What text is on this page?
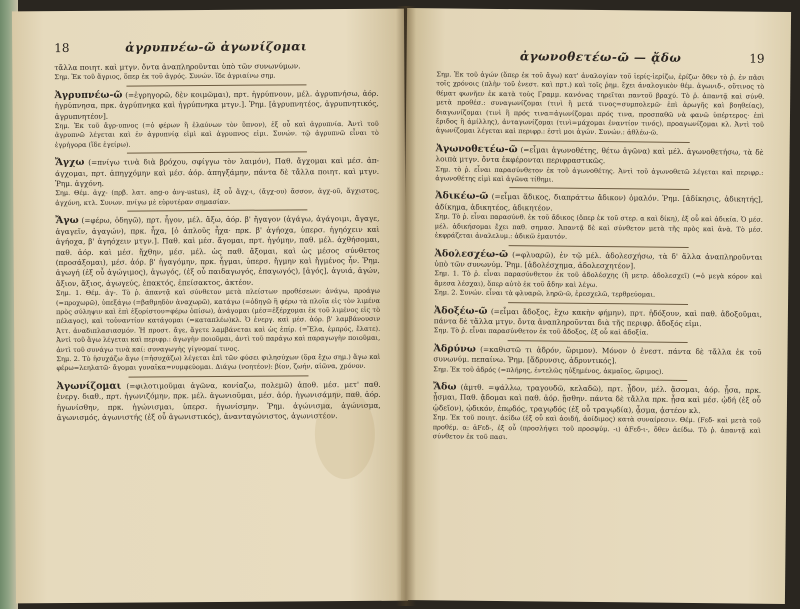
18	ἀγρυπνέω-ῶ ἀγωνίζομαι

τἄλλα ποιητ. καὶ μτγν. ὄντα ἀναπληροῦνται ὑπὸ τῶν συνωνύμων.

Σημ. Ἐκ τοῦ ἄγριος, ὅπερ ἐκ τοῦ ἀγρός. Συνών. ἴδε ἀγριαίνω σημ.

Ἀγρυπνέω-ῶ (=ἐγρηγορῶ, δὲν κοιμῶμαι), πρτ. ἠγρύπνουν, μέλ. ἀγρυπνήσω, ἀόρ. ἠγρύπνησα, πρκ. ἀγρύπνηκα καὶ ἠγρύπνηκα μτγν.]. Ῥημ. [ἀγρυπνητέος, ἀγρυπνητικός, ἀγρυπνητέον].

Σημ. Ἐκ τοῦ ἄγρ-υπνος (=ὁ φέρων ἢ ἐλαύνων τὸν ὕπνον), ἐξ οὗ καὶ ἀγρυπνία. Ἀντὶ τοῦ ἀγρυπνῶ λέγεται καὶ ἐν ἀγρυπνίᾳ εἰμὶ καὶ ἀγρυπνος εἰμι. Συνών. τῷ ἀγρυπνῶ εἶναι τὸ ἐγρήγορα (ἴδε ἐγείρω).

Ἄγχω (=πνίγω τινὰ διὰ βρόχου, σφίγγω τὸν λαιμόν), Παθ. ἄγχομαι καὶ μέσ. ἀπ-άγχομαι, πρτ. ἀπηγχόμην καὶ μέσ. ἀόρ. ἀπηγξάμην, πάντα δὲ τἄλλα ποιητ. καὶ μτγν. Ῥημ. ἀγχόνη.

Σημ. Θέμ. ἀγχ- (πρβ. λατ. ang-o ἀνγ-ustus), ἐξ οὗ ἄγχ-ι, (ἄγχ-ου) ἄσσον, ἀγχ-οῦ, ἄγχιστος, ἀγχόνη, κτλ. Συνων. πνίγω μὲ εὐρυτέραν σημασίαν.

Ἄγω (=φέρω, ὁδηγῶ), πρτ. ἦγον, μέλ. ἄξω, ἀόρ. β' ἤγαγον (ἀγάγω, ἀγάγοιμι, ἄγαγε, ἀγαγεῖν, ἀγαγών), πρκ. ἦχα, [ὁ ἀπλοῦς ἦχα· πρκ. β' ἀγήοχα, ὑπερσ. ἠγηόχειν καὶ ἀγήοχα, β' ἀγηόχειν μτγν.]. Παθ. καὶ μέσ. ἄγομαι, πρτ. ἠγόμην, παθ. μέλ. ἀχθήσομαι, παθ. ἀόρ. καὶ μέσ. ἤχθην, μέσ. μέλ. ὡς παθ. ἄξομαι, καὶ ὡς μέσος σύνθετος (προσάξομαι), μέσ. ἀόρ. β' ἠγαγόμην, πρκ. ἦγμαι, ὑπερσ. ἤγμην καὶ ἤγμένος ἦν. Ῥημ. ἀγωγή (ἐξ οὗ ἀγώγιμος), ἀγωγός, (ἐξ οὗ παιδαγωγός, ἐπαγωγός), [ἀγός], ἀγυιά, ἀγών, ἄξιον, ἄξιος, ἀγωγεύς, ἐπακτός, ἐπείσακτος, ἀκτέον.

Σημ. 1. Θέμ. ἀγ-. Τὸ ῥ. ἀπαντᾷ καὶ σύνθετον μετὰ πλείστων προθέσεων: ἀνάγω, προάγω (=προχωρῶ), ὑπεξάγω (=βαθμηδὸν ἀναχωρῶ), κατάγω (=ὁδηγῶ ἢ φέρω τὰ πλοῖα εἰς τὸν λιμένα πρὸς σύληψιν καὶ ἐπὶ ἐξορίστου=φέρω ὀπίσω), ἀνάγομαι (μέσ=ἐξέρχομαι ἐκ τοῦ λιμένος εἰς τὸ πέλαγος), καὶ τοὐναντίον κατάγομαι (=καταπλέω)κλ. Ὁ ἐνεργ. καὶ μέσ. ἀόρ. β' λαμβάνουσιν Ἀττ. ἀναδιπλασιασμόν. Ἡ προστ. ἄγε, ἄγετε λαμβάνεται καὶ ὡς ἐπίρ. (=Ἔλα, ἐμπρός, ἔλατε). Ἀντὶ τοῦ ἄγω λέγεται καὶ περιφρ.: ἀγωγὴν ποιοῦμαι, ἀντὶ τοῦ παράγω καὶ παραγωγὴν ποιοῦμαι, ἀντὶ τοῦ συνάγω τινὰ καί: συναγωγὴς γίγνομαί τινος.

Σημ. 2. Τὸ ἡσυχάζω ἄγω (=ἡσυχάζω) λέγεται ἐπὶ τῶν φύσει φιλησύχων (ὅρα ἔχω σημ.) ἄγω καὶ φέρω=λεηλατῶ· ἄγομαι γυναῖκα=νυμφεύομαι. Διάγω (νοητέον): βίον, ζωήν, αἰῶνα, χρόνον.

Ἀγωνίζομαι (=φιλοτιμοῦμαι ἀγῶνα, κονίαζω, πολεμῶ) ἀποθ. μέσ. μετ' παθ. ἐνεργ. διαθ., πρτ. ἠγωνιζόμην, πρκ. μέλ. ἀγωνιοῦμαι, μέσ. ἀόρ. ἠγωνισάμην, παθ. ἀόρ. ἠγωνίσθην, πρκ. ἠγώνισμαι, ὑπερσ. ἠγωνίσμην. Ῥημ. ἀγώνισμα, ἀγώνισμα, ἀγωνισμός, ἀγωνιστής (ἐξ οὗ ἀγωνιστικός), ἀνανταγώνιστος, ἀγωνιστέον.

ἀγωνοθετέω-ῶ — ᾄδω	19

Σημ. Ἐκ τοῦ ἀγών (ὅπερ ἐκ τοῦ ἄγω) κατ' ἀναλογίαν τοῦ ἱερίς-ἱερίζω, ἐρίζω· ὅθεν τὸ ῥ. ἐν πᾶσι τοῖς χρόνοις (πλὴν τοῦ ἐνεστ. καὶ πρτ.) καὶ τοῖς ῥημ. ἔχει ἀναλογικὸν θέμ. ἀγωνιδ-, οὕτινος τὸ θέματ φωνῆεν ἐκ κατὰ τοὺς Γραμμ. κανόνας τηρεῖται παντοῦ βραχύ. Τὸ ῥ. ἀπαντᾷ καὶ σύνθ. μετὰ προθέσ.: συναγωνίζομαι (τινὶ ἢ μετά τινος=συμπολεμῶ· ἐπὶ ἀρωγῆς καὶ βοηθείας), διαγωνίζομαι (τινὶ ἢ πρός τινα=ἀγωνίζομαι πρός τινα, προσπαθῶ νὰ φανῶ ὑπέρτερος· ἐπὶ ἔριδος ἢ ἀμίλλης), ἀνταγωνίζομαι (τινὶ=μάχομαι ἐναντίον τινός), προαγωνίζομαι κλ. Ἀντὶ τοῦ ἀγωνίζομαι λέγεται καὶ περιφρ.: ἐστὶ μοι ἀγών. Συνών.: ἀθλέω-ῶ.

Ἀγωνοθετέω-ῶ (=εἶμαι ἀγωνοθέτης, θέτω ἀγῶνα) καὶ μέλ. ἀγωνοθετήσω, τὰ δὲ λοιπὰ μτγν. ὄντα ἐκφέρονται περιφραστικῶς.

Σημ. τὸ ῥ. εἶναι παρασύνθετον ἐκ τοῦ ἀγωνοθέτης. Ἀντὶ τοῦ ἀγωνοθετῶ λέγεται καὶ περιφρ.: ἀγωνοθέτης εἰμὶ καὶ ἀγῶνα τίθημι.

Ἀδικέω-ῶ (=εἶμαι ἄδικος, διαπράττω ἄδικον) ὁμαλόν. Ῥημ. [ἀδίκησις, ἀδικητής], ἀδίκημα, ἀδικητέος, ἀδικητέον.

Σημ. Τὸ ῥ. εἶναι παρασύνθ. ἐκ τοῦ ἄδικος (ὅπερ ἐκ τοῦ στερ. α καὶ δίκη), ἐξ οὗ καὶ ἀδικία. Ὁ μέσ. μέλ. ἀδικήσομαι ἔχει παθ. σημασ. Ἀπαντᾷ δὲ καὶ σύνθετον μετὰ τῆς πρὸς καὶ ἀνὰ. Τὸ μέσ. ἐκφράζεται ἀναλελυμ.: ἀδικῶ ἐμαυτόν.

Ἀδολεσχέω-ῶ (=φλυαρῶ), ἐν τῷ μέλ. ἀδολεσχήσω, τὰ δ' ἄλλα ἀναπληροῦνται ὑπὸ τῶν συνωνύμ. Ῥημ. [ἀδολέσχημα, ἀδολεσχητέον].

Σημ. 1. Τὸ ῥ. εἶναι παρασύνθετον ἐκ τοῦ ἀδολέσχης (ἢ μετρ. ἀδολεσχεῖ) (=ὁ μεγὰ κόρον καὶ ἄμεσα λέσχαι), ὅπερ αὐτὸ ἐκ τοῦ ἄδην καὶ λέγω.

Σημ. 2. Συνών. εἶναι τὰ φλυαρῶ, ληρῶ-ῶ, ἐρεσχελῶ, τερθρεύομαι.

Ἀδοξέω-ῶ (=εἶμαι ἄδοξος, ἔχω κακὴν φήμην), πρτ. ἠδόξουν, καὶ παθ. ἀδοξοῦμαι, πάντα δὲ τἄλλα μτγν. ὄντα ἀναπληροῦνται διὰ τῆς περιφρ. ἄδοξός εἰμι.

Σημ. Τὸ ῥ. εἶναι παρασύνθετον ἐκ τοῦ ἄδοξος, ἐξ οὗ καὶ ἀδοξία.

Ἀδρύνω (=καθιστῶ τι ἀδρόν, ὥριμον). Μόνον ὁ ἐνεστ. πάντα δὲ τἄλλα ἐκ τοῦ συνωνύμ. πεπαίνω. Ῥημ. [ἄδρυνσις, ἀδρυντικός].

Σημ. Ἐκ τοῦ ἀδρός (=πλήρης, ἐντελῶς ηὐξημένος, ἀκμαῖος, ὥριμος).

Ἄδω (ἀμτθ. =ψάλλω, τραγουδῶ, κελαδῶ), πρτ. ᾖδον, μέλ. ᾄσομαι, ἀόρ. ᾖσα, πρκ. ᾖσμαι, Παθ. ᾄδομαι καὶ παθ. ἀόρ. ᾔσθην. πάντα δὲ τἄλλα πρκ. ᾖσα καὶ μέσ. ᾠδή (ἐξ οὗ ᾠδεῖον), ᾠδικόν, ἐπῳδός, τραγῳδός (ἐξ οὗ τραγῳδία), ᾆσμα, ᾀστέον κλ.

Σημ. Ἐκ τοῦ ποιητ. ἀείδω (ἐξ οὗ καὶ ἀοιδή, ἀοίδιμος) κατὰ συναίρεσιν. Θέμ. (Fεδ- καὶ μετὰ τοῦ προθέμ. α: ἀFεδ-, ἐξ οὗ (προσλήψει τοῦ προσφύμ. -ι) ἀFεδ-ι-, ὅθεν ἀείδω. Τὸ ῥ. ἀπαντᾷ καὶ σύνθετον ἐκ τοῦ πασι.
